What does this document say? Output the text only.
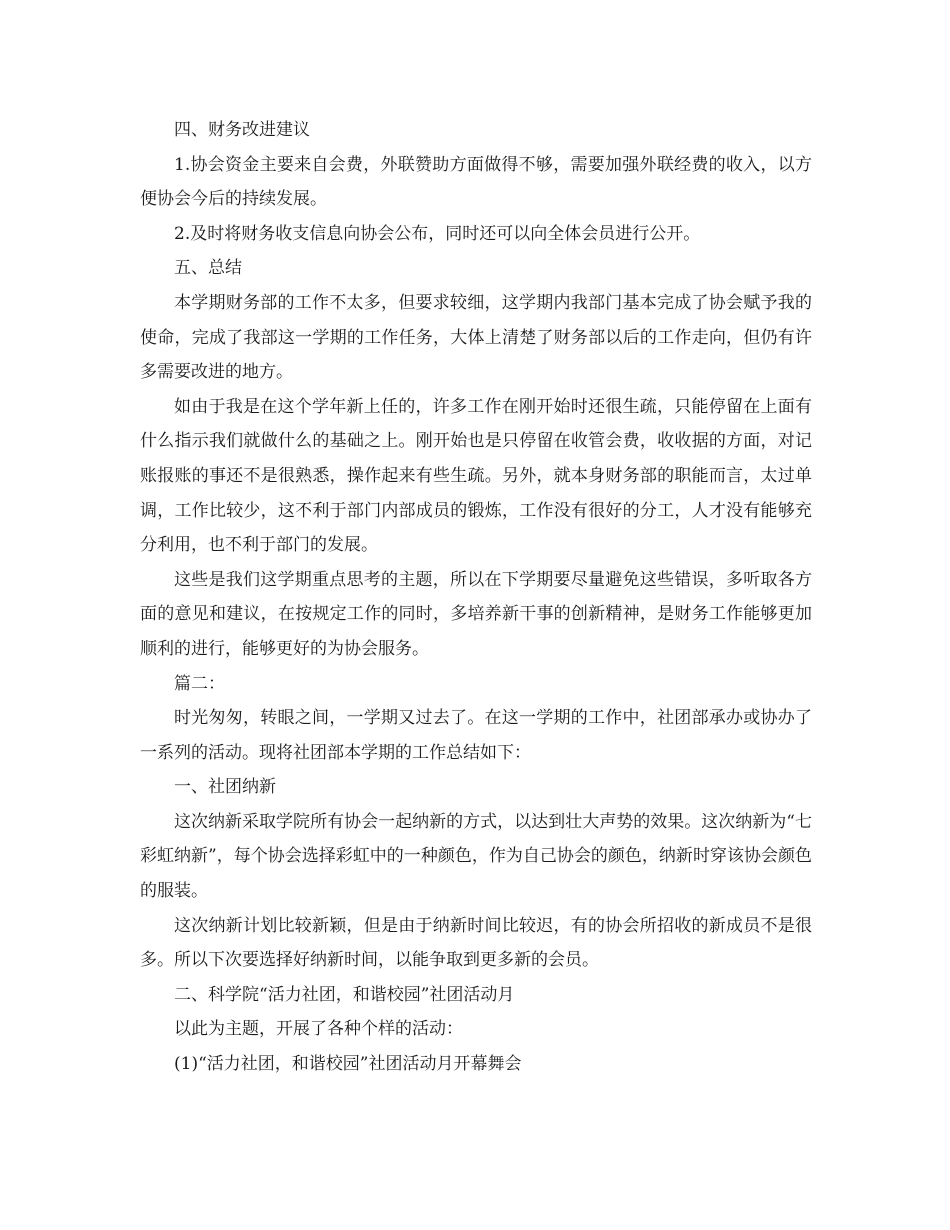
四、财务改进建议

1.协会资金主要来自会费，外联赞助方面做得不够，需要加强外联经费的收入，以方便协会今后的持续发展。

2.及时将财务收支信息向协会公布，同时还可以向全体会员进行公开。

五、总结

本学期财务部的工作不太多，但要求较细，这学期内我部门基本完成了协会赋予我的使命，完成了我部这一学期的工作任务，大体上清楚了财务部以后的工作走向，但仍有许多需要改进的地方。

如由于我是在这个学年新上任的，许多工作在刚开始时还很生疏，只能停留在上面有什么指示我们就做什么的基础之上。刚开始也是只停留在收管会费，收收据的方面，对记账报账的事还不是很熟悉，操作起来有些生疏。另外，就本身财务部的职能而言，太过单调，工作比较少，这不利于部门内部成员的锻炼，工作没有很好的分工，人才没有能够充分利用，也不利于部门的发展。

这些是我们这学期重点思考的主题，所以在下学期要尽量避免这些错误，多听取各方面的意见和建议，在按规定工作的同时，多培养新干事的创新精神，是财务工作能够更加顺利的进行，能够更好的为协会服务。

篇二：

时光匆匆，转眼之间，一学期又过去了。在这一学期的工作中，社团部承办或协办了一系列的活动。现将社团部本学期的工作总结如下：

一、社团纳新

这次纳新采取学院所有协会一起纳新的方式，以达到壮大声势的效果。这次纳新为“七彩虹纳新”，每个协会选择彩虹中的一种颜色，作为自己协会的颜色，纳新时穿该协会颜色的服装。

这次纳新计划比较新颖，但是由于纳新时间比较迟，有的协会所招收的新成员不是很多。所以下次要选择好纳新时间，以能争取到更多新的会员。

二、科学院“活力社团，和谐校园”社团活动月

以此为主题，开展了各种个样的活动：

(1)“活力社团，和谐校园”社团活动月开幕舞会
